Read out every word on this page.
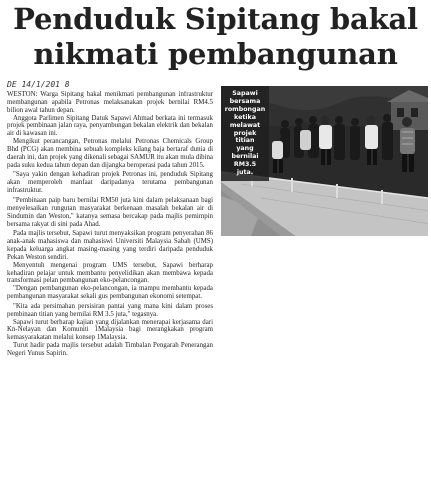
Penduduk Sipitang bakal
nikmati pembangunan
DE 14/1/201 8

WESTON: Warga Sipitang bakal menikmati pembangunan infrastruktur membangunan apabila Petronas melaksanakan projek bernilai RM4.5 bilion awal tahun depan.

Anggota Parlimen Sipitang Datuk Sapawi Ahmad berkata ini termasuk projek pembinaan jalan raya, penyambungan bekalan elektrik dan bekalan air di kawasan ini.

Mengikut perancangan, Petronas melalui Petronas Chemicals Group Bhd (PCG) akan membina sebuah kompleks kilang baja bertaraf dunia di daerah ini, dan projek yang dikenali sebagai SAMUR itu akan mula dibina pada suku kedua tahun depan dan dijangka beroperasi pada tahun 2015.

"Saya yakin dengan kehadiran projek Petronas ini, penduduk Sipitang akan memperoleh manfaat daripadanya terutama pembangunan infrastruktur.

"Pembinaan paip baru bernilai RM50 juta kini dalam pelaksanaan bagi menyelesaikan rungutan masyarakat berkenaan masalah bekalan air di Sindumin dan Weston," katanya semasa bercakap pada majlis pemimpin bersama rakyat di sini pada Ahad.

Pada majlis tersebut, Sapawi turut menyaksikan program penyerahan 86 anak-anak mahasiswa dan mahasiswi Universiti Malaysia Sabah (UMS) kepada keluarga angkat masing-masing yang terdiri daripada penduduk Pekan Weston sendiri.

Menyentuh mengenai program UMS tersebut, Sapawi berharap kehadiran pelajar untuk membantu penyelidikan akan membawa kepada transformasi pelan pembangunan eko-pelancongan.

"Dengan pembangunan eko-pelancongan, ia mampu membantu kepada pembangunan masyarakat sekali gus pembangunan ekonomi setempat.

"Kita ada persimahan persisiran pantai yang mana kini dalam proses pembinaan titian yang bernilai RM 3.5 juta," tegasnya.

Sapawi turut berharap kajian yang dijalankan menerapai kerjasama dari Kn-Nelayan dan Komuniti 1Malaysia bagi merangkakan program kemasyarakatan melalui konsep 1Malaysia.

Turut hadir pada majlis tersebut adalah Timbalan Pengarah Penerangan Negeri Yunus Sapirin.

Sapawi
bersama
rombongan
ketika
melawat
projek
titian
yang
bernilai
RM3.5
juta.
